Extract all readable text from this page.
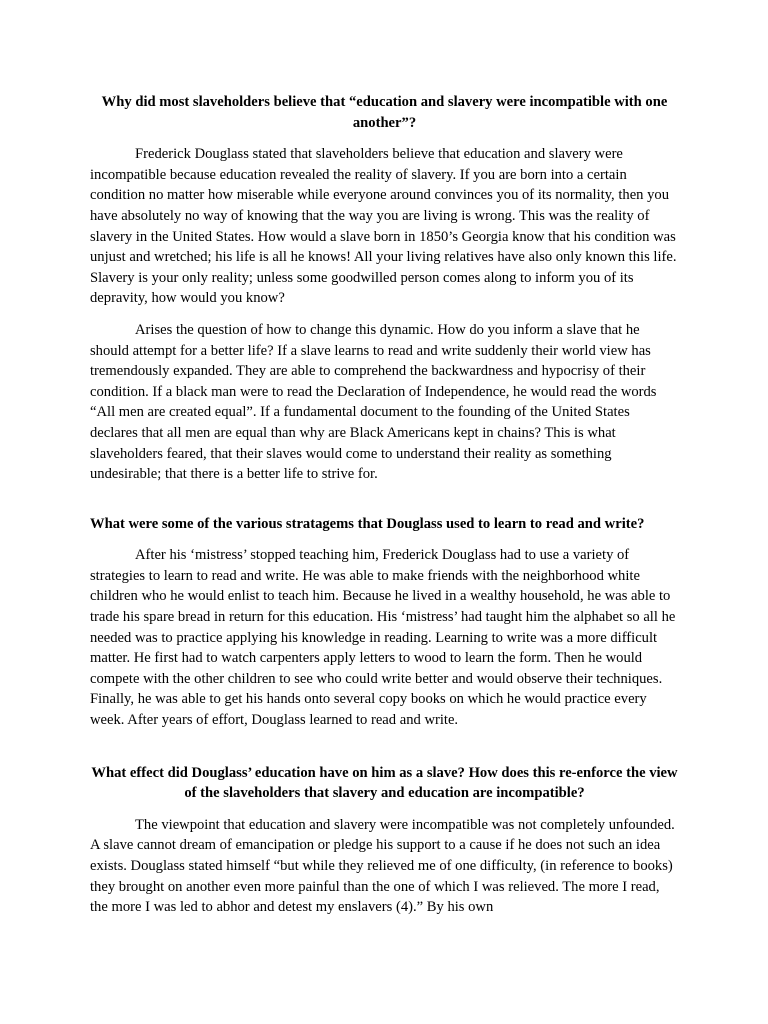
Why did most slaveholders believe that “education and slavery were incompatible with one another”?

Frederick Douglass stated that slaveholders believe that education and slavery were incompatible because education revealed the reality of slavery. If you are born into a certain condition no matter how miserable while everyone around convinces you of its normality, then you have absolutely no way of knowing that the way you are living is wrong. This was the reality of slavery in the United States. How would a slave born in 1850’s Georgia know that his condition was unjust and wretched; his life is all he knows! All your living relatives have also only known this life. Slavery is your only reality; unless some goodwilled person comes along to inform you of its depravity, how would you know?

Arises the question of how to change this dynamic. How do you inform a slave that he should attempt for a better life? If a slave learns to read and write suddenly their world view has tremendously expanded. They are able to comprehend the backwardness and hypocrisy of their condition. If a black man were to read the Declaration of Independence, he would read the words “All men are created equal”. If a fundamental document to the founding of the United States declares that all men are equal than why are Black Americans kept in chains? This is what slaveholders feared, that their slaves would come to understand their reality as something undesirable; that there is a better life to strive for.

What were some of the various stratagems that Douglass used to learn to read and write?

After his ‘mistress’ stopped teaching him, Frederick Douglass had to use a variety of strategies to learn to read and write. He was able to make friends with the neighborhood white children who he would enlist to teach him. Because he lived in a wealthy household, he was able to trade his spare bread in return for this education. His ‘mistress’ had taught him the alphabet so all he needed was to practice applying his knowledge in reading. Learning to write was a more difficult matter. He first had to watch carpenters apply letters to wood to learn the form. Then he would compete with the other children to see who could write better and would observe their techniques. Finally, he was able to get his hands onto several copy books on which he would practice every week. After years of effort, Douglass learned to read and write.

What effect did Douglass’ education have on him as a slave? How does this re-enforce the view of the slaveholders that slavery and education are incompatible?

The viewpoint that education and slavery were incompatible was not completely unfounded. A slave cannot dream of emancipation or pledge his support to a cause if he does not such an idea exists. Douglass stated himself “but while they relieved me of one difficulty, (in reference to books) they brought on another even more painful than the one of which I was relieved. The more I read, the more I was led to abhor and detest my enslavers (4).” By his own
